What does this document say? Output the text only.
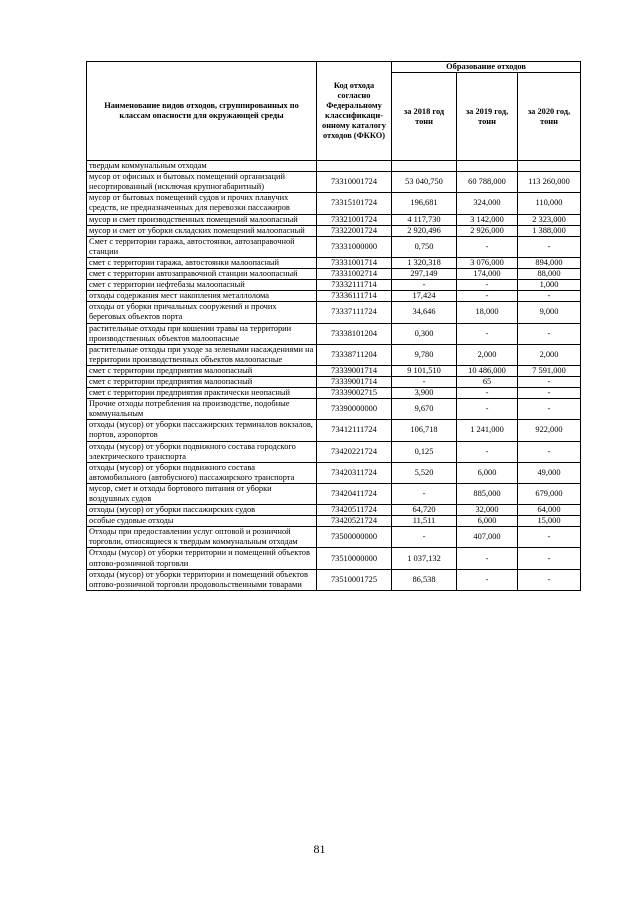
Наименование видов отходов, сгруппированных по классам опасности для окружающей среды	Код отхода согласно Федеральному классификаци-онному каталогу отходов (ФККО)	Образование отходов		
		за 2018 год тонн	за 2019 год, тонн	за 2020 год, тонн
твердым коммунальным отходам				
мусор от офисных и бытовых помещений организаций несортированный (исключая крупногабаритный)	73310001724	53 040,750	60 788,000	113 260,000
мусор от бытовых помещений судов и прочих плавучих средств, не предназначенных для перевозки пассажиров	73315101724	196,681	324,000	110,000
мусор и смет производственных помещений малоопасный	73321001724	4 117,730	3 142,000	2 323,000
мусор и смет от уборки складских помещений малоопасный	73322001724	2 920,496	2 926,000	1 388,000
Смет с территории гаража, автостоянки, автозаправочной станции	73331000000	0,750	-	-
смет с территории гаража, автостоянки малоопасный	73331001714	1 320,318	3 076,000	894,000
смет с территории автозаправочной станции малоопасный	73331002714	297,149	174,000	88,000
смет с территории нефтебазы малоопасный	73332111714	-	-	1,000
отходы содержания мест накопления металлолома	73336111714	17,424	-	-
отходы от уборки причальных сооружений и прочих береговых объектов порта	73337111724	34,646	18,000	9,000
растительные отходы при кошении травы на территории производственных объектов малоопасные	73338101204	0,300	-	-
растительные отходы при уходе за зелеными насаждениями на территории производственных объектов малоопасные	73338711204	9,780	2,000	2,000
смет с территории предприятия малоопасный	73339001714	9 101,510	10 486,000	7 591,000
смет с территории предприятия малоопасный	73339001714	-	65	-
смет с территории предприятия практически неопасный	73339002715	3,900	-	-
Прочие отходы потребления на производстве, подобные коммунальным	73390000000	9,670	-	-
отходы (мусор) от уборки пассажирских терминалов вокзалов, портов, аэропортов	73412111724	106,718	1 241,000	922,000
отходы (мусор) от уборки подвижного состава городского электрического транспорта	73420221724	0,125	-	-
отходы (мусор) от уборки подвижного состава автомобильного (автобусного) пассажирского транспорта	73420311724	5,520	6,000	49,000
мусор, смет и отходы бортового питания от уборки воздушных судов	73420411724	-	885,000	679,000
отходы (мусор) от уборки пассажирских судов	73420511724	64,720	32,000	64,000
особые судовые отходы	73420521724	11,511	6,000	15,000
Отходы при предоставлении услуг оптовой и розничной торговли, относящиеся к твердым коммунальным отходам	73500000000	-	407,000	-
Отходы (мусор) от уборки территории и помещений объектов оптово-розничной торговли	73510000000	1 037,132	-	-
отходы (мусор) от уборки территории и помещений объектов оптово-розничной торговли продовольственными товарами	73510001725	86,538	-	-
81
